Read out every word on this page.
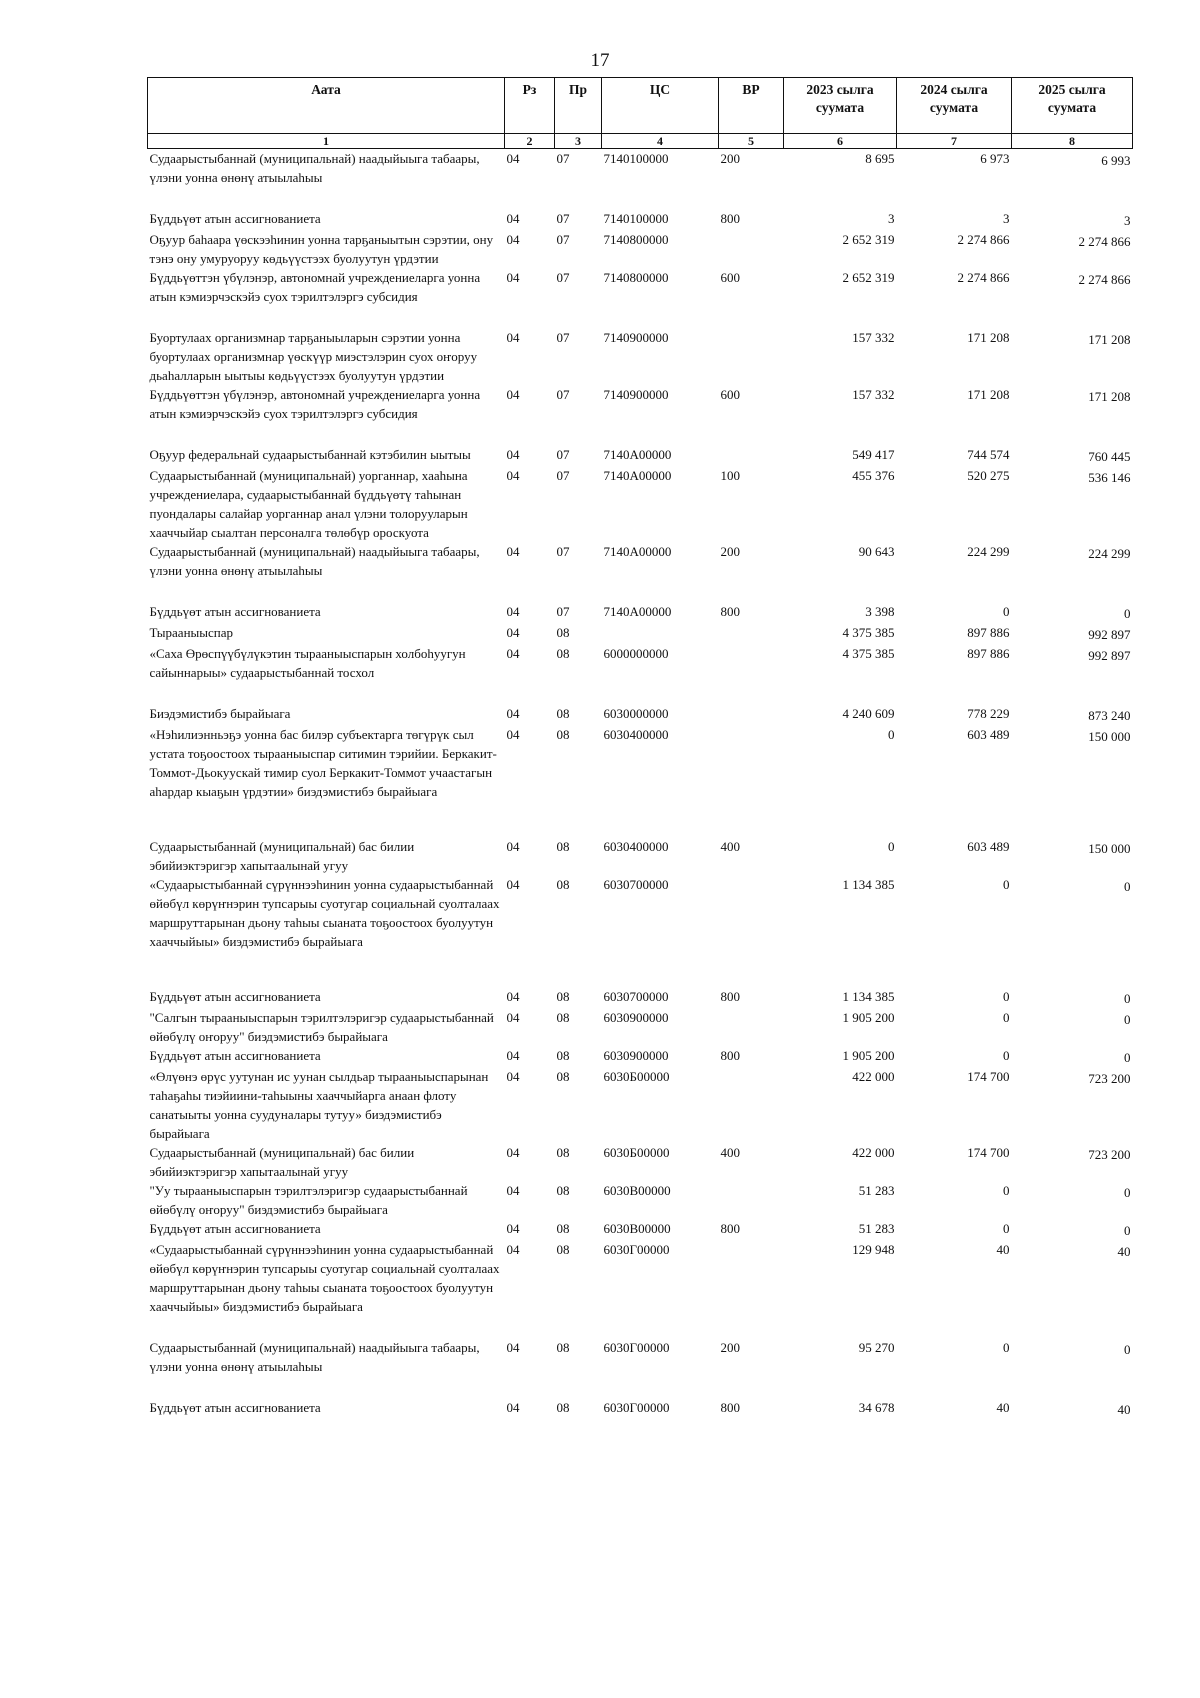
17
Аата	Рз	Пр	ЦС	ВР	2023 сылга суумата	2024 сылга суумата	2025 сылга суумата
1	2	3	4	5	6	7	8
Судаарыстыбаннай (муниципальнай) наадыйыыга табаары, үлэни уонна өнөнү атыылаһыы	04	07	7140100000	200	8 695	6 973	6 993
Бүддьүөт атын ассигнованиета	04	07	7140100000	800	3	3	3
Оҕуур баһаара үөскээһинин уонна тарҕаныытын сэрэтии, ону тэнэ ону умуруоруу көдьүүстээх буолуутун үрдэтии	04	07	7140800000		2 652 319	2 274 866	2 274 866
Бүддьүөттэн үбүлэнэр, автономнай учреждениеларга уонна атын кэмиэрчэскэйэ суох тэрилтэлэргэ субсидия	04	07	7140800000	600	2 652 319	2 274 866	2 274 866
Буортулаах организмнар тарҕаныыларын сэрэтии уонна буортулаах организмнар үөскүүр миэстэлэрин суох оҥоруу дьаһалларын ыытыы көдьүүстээх буолуутун үрдэтии	04	07	7140900000		157 332	171 208	171 208
Бүддьүөттэн үбүлэнэр, автономнай учреждениеларга уонна атын кэмиэрчэскэйэ суох тэрилтэлэргэ субсидия	04	07	7140900000	600	157 332	171 208	171 208
Оҕуур федеральнай судаарыстыбаннай кэтэбилин ыытыы	04	07	7140А00000		549 417	744 574	760 445
Судаарыстыбаннай (муниципальнай) уорганнар, хааһына учреждениелара, судаарыстыбаннай бүддьүөтү таһынан пуондалары салайар уорганнар анал үлэни толорууларын хааччыйар сыалтан персоналга төлөбүр ороскуота	04	07	7140А00000	100	455 376	520 275	536 146
Судаарыстыбаннай (муниципальнай) наадыйыыга табаары, үлэни уонна өнөнү атыылаһыы	04	07	7140А00000	200	90 643	224 299	224 299
Бүддьүөт атын ассигнованиета	04	07	7140А00000	800	3 398	0	0
Тырааныыспар	04	08			4 375 385	897 886	992 897
«Саха Өрөспүүбүлүкэтин тырааныыспарын холбоһуугун сайыннарыы» судаарыстыбаннай тосхол	04	08	6000000000		4 375 385	897 886	992 897
Биэдэмистибэ бырайыага	04	08	6030000000		4 240 609	778 229	873 240
«Нэһилиэнньэҕэ уонна бас билэр субъектарга төгүрүк сыл устата тоҕоостоох тырааныыспар ситимин тэрийии. Беркакит-Томмот-Дьокуускай тимир суол Беркакит-Томмот учаастагын аһардар кыаҕын үрдэтии» биэдэмистибэ бырайыага	04	08	6030400000		0	603 489	150 000
Судаарыстыбаннай (муниципальнай) бас билии эбийиэктэригэр хапытаалынай угуу	04	08	6030400000	400	0	603 489	150 000
«Судаарыстыбаннай сүрүннээһинин уонна судаарыстыбаннай өйөбүл көрүҥнэрин тупсарыы суотугар социальнай суолталаах маршруттарынан дьону таһыы сыаната тоҕоостоох буолуутун хааччыйыы» биэдэмистибэ бырайыага	04	08	6030700000		1 134 385	0	0
Бүддьүөт атын ассигнованиета	04	08	6030700000	800	1 134 385	0	0
"Салгын тырааныыспарын тэрилтэлэригэр судаарыстыбаннай өйөбүлү оҥоруу" биэдэмистибэ бырайыага	04	08	6030900000		1 905 200	0	0
Бүддьүөт атын ассигнованиета	04	08	6030900000	800	1 905 200	0	0
«Өлүөнэ өрүс уутунан ис уунан сылдьар тырааныыспарынан таһаҕаһы тиэйиини-таһыыны хааччыйарга анаан флоту санатыыты уонна суудуналары тутуу» биэдэмистибэ бырайыага	04	08	6030Б00000		422 000	174 700	723 200
Судаарыстыбаннай (муниципальнай) бас билии эбийиэктэригэр хапытаалынай угуу	04	08	6030Б00000	400	422 000	174 700	723 200
"Уу тырааныыспарын тэрилтэлэригэр судаарыстыбаннай өйөбүлү оҥоруу" биэдэмистибэ бырайыага	04	08	6030В00000		51 283	0	0
Бүддьүөт атын ассигнованиета	04	08	6030В00000	800	51 283	0	0
«Судаарыстыбаннай сүрүннээһинин уонна судаарыстыбаннай өйөбүл көрүҥнэрин тупсарыы суотугар социальнай суолталаах маршруттарынан дьону таһыы сыаната тоҕоостоох буолуутун хааччыйыы» биэдэмистибэ бырайыага	04	08	6030Г00000		129 948	40	40
Судаарыстыбаннай (муниципальнай) наадыйыыга табаары, үлэни уонна өнөнү атыылаһыы	04	08	6030Г00000	200	95 270	0	0
Бүддьүөт атын ассигнованиета	04	08	6030Г00000	800	34 678	40	40
